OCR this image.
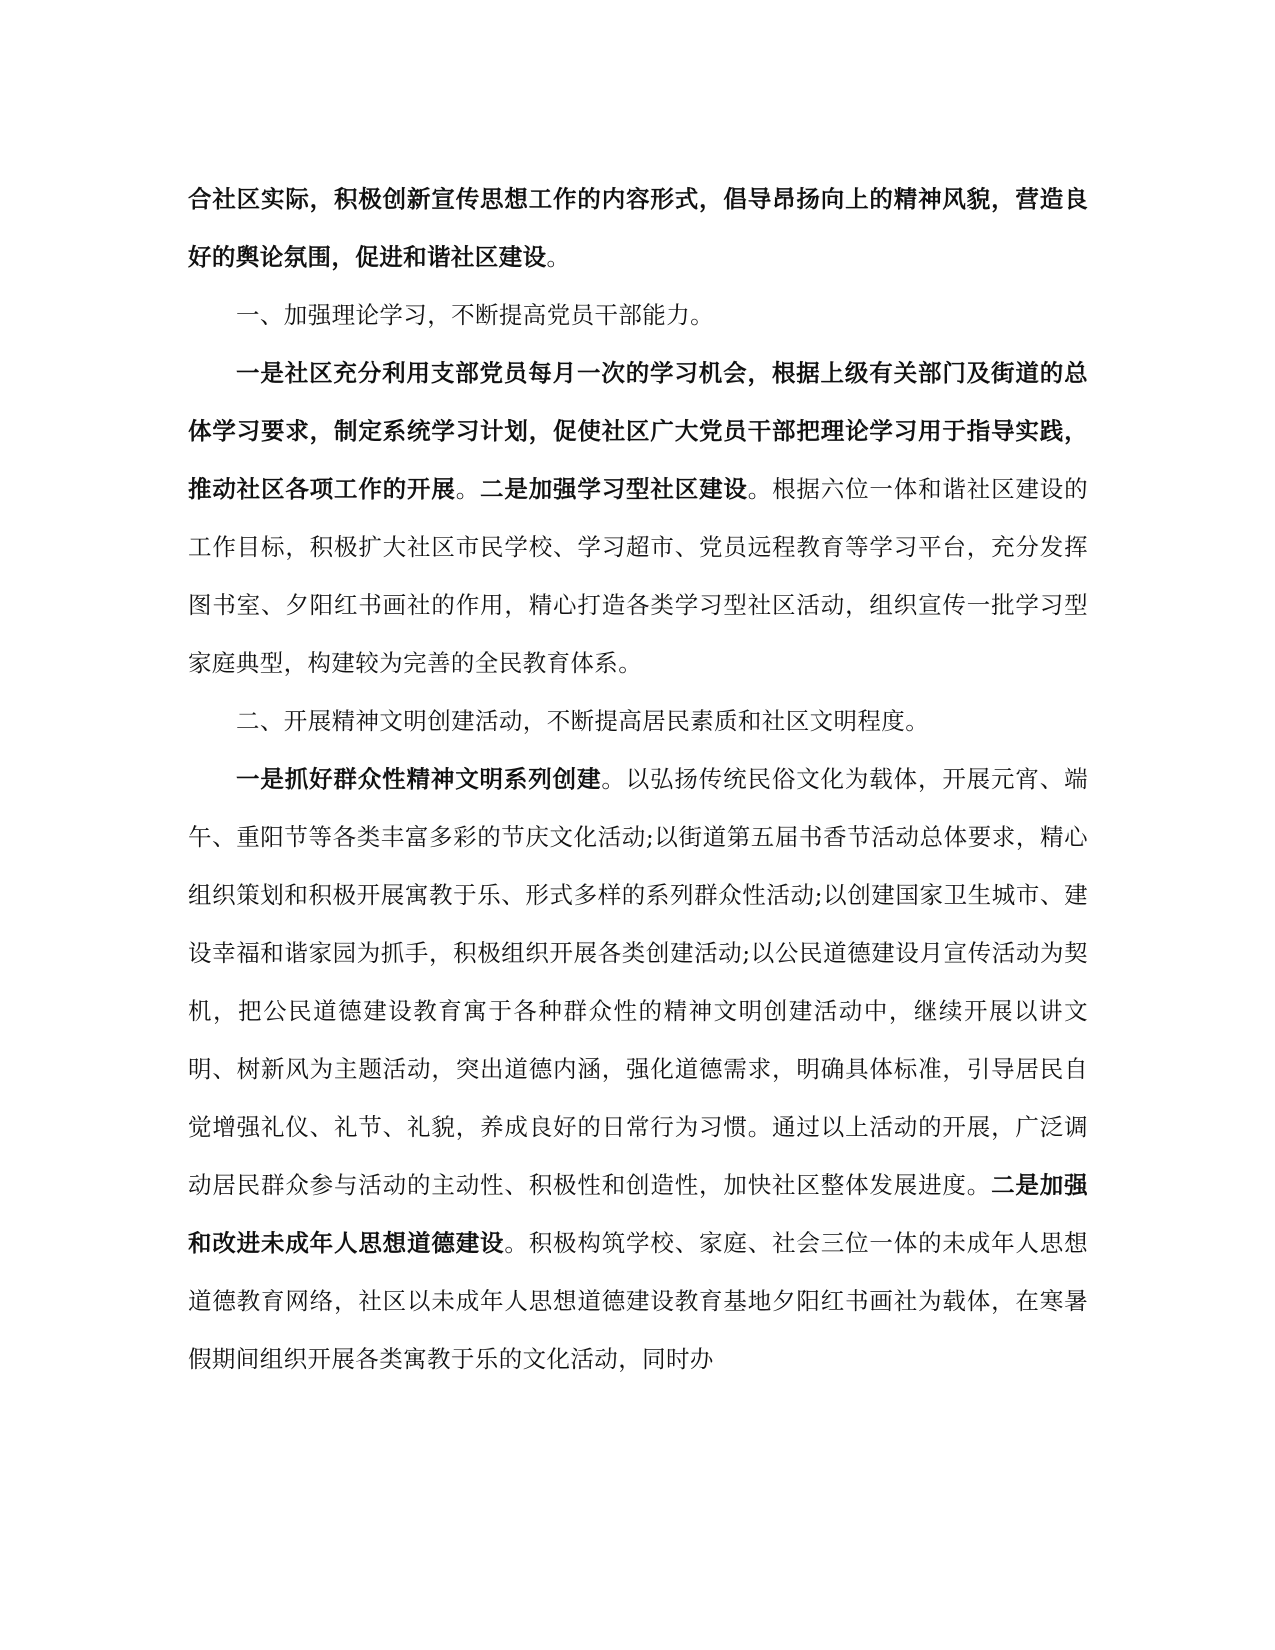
合社区实际，积极创新宣传思想工作的内容形式，倡导昂扬向上的精神风貌，营造良好的舆论氛围，促进和谐社区建设。

一、加强理论学习，不断提高党员干部能力。

一是社区充分利用支部党员每月一次的学习机会，根据上级有关部门及街道的总体学习要求，制定系统学习计划，促使社区广大党员干部把理论学习用于指导实践，推动社区各项工作的开展。二是加强学习型社区建设。根据六位一体和谐社区建设的工作目标，积极扩大社区市民学校、学习超市、党员远程教育等学习平台，充分发挥图书室、夕阳红书画社的作用，精心打造各类学习型社区活动，组织宣传一批学习型家庭典型，构建较为完善的全民教育体系。

二、开展精神文明创建活动，不断提高居民素质和社区文明程度。

一是抓好群众性精神文明系列创建。以弘扬传统民俗文化为载体，开展元宵、端午、重阳节等各类丰富多彩的节庆文化活动;以街道第五届书香节活动总体要求，精心组织策划和积极开展寓教于乐、形式多样的系列群众性活动;以创建国家卫生城市、建设幸福和谐家园为抓手，积极组织开展各类创建活动;以公民道德建设月宣传活动为契机，把公民道德建设教育寓于各种群众性的精神文明创建活动中，继续开展以讲文明、树新风为主题活动，突出道德内涵，强化道德需求，明确具体标准，引导居民自觉增强礼仪、礼节、礼貌，养成良好的日常行为习惯。通过以上活动的开展，广泛调动居民群众参与活动的主动性、积极性和创造性，加快社区整体发展进度。二是加强和改进未成年人思想道德建设。积极构筑学校、家庭、社会三位一体的未成年人思想道德教育网络，社区以未成年人思想道德建设教育基地夕阳红书画社为载体，在寒暑假期间组织开展各类寓教于乐的文化活动，同时办
